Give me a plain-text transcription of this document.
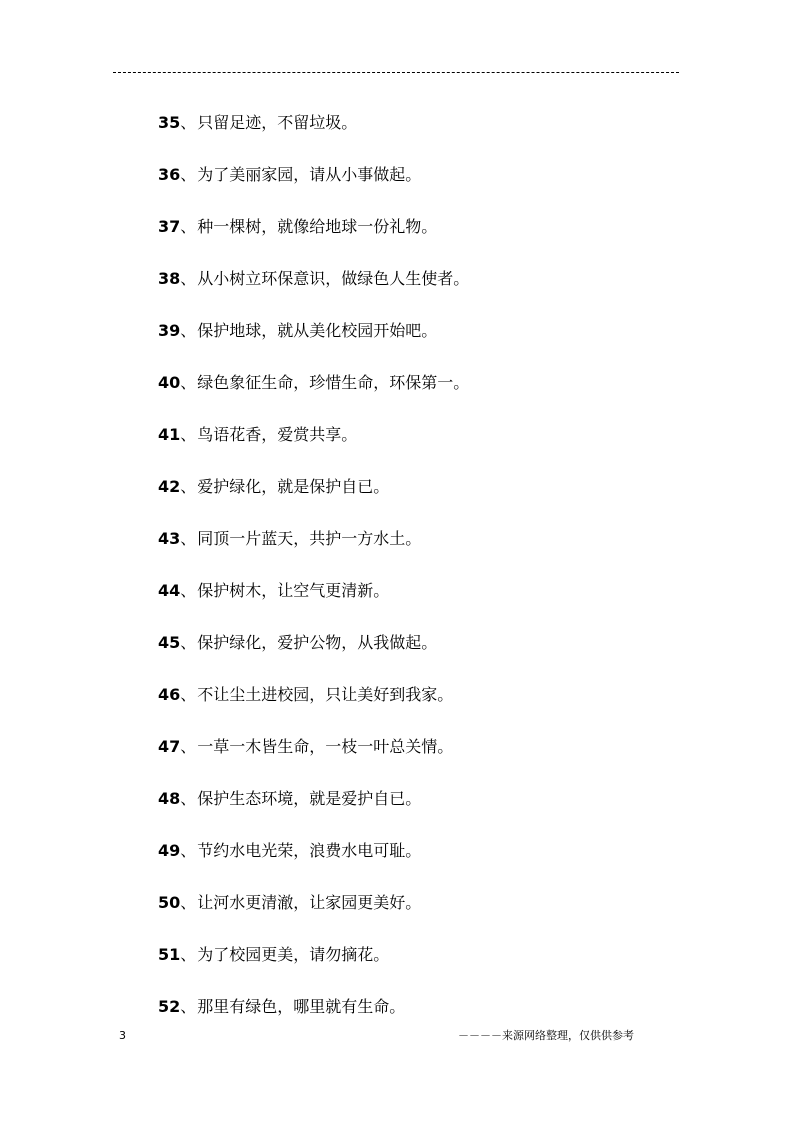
35、只留足迹，不留垃圾。
36、为了美丽家园，请从小事做起。
37、种一棵树，就像给地球一份礼物。
38、从小树立环保意识，做绿色人生使者。
39、保护地球，就从美化校园开始吧。
40、绿色象征生命，珍惜生命，环保第一。
41、鸟语花香，爱赏共享。
42、爱护绿化，就是保护自已。
43、同顶一片蓝天，共护一方水土。
44、保护树木，让空气更清新。
45、保护绿化，爱护公物，从我做起。
46、不让尘土进校园，只让美好到我家。
47、一草一木皆生命，一枝一叶总关情。
48、保护生态环境，就是爱护自已。
49、节约水电光荣，浪费水电可耻。
50、让河水更清澈，让家园更美好。
51、为了校园更美，请勿摘花。
52、那里有绿色，哪里就有生命。
3	－－－－来源网络整理，仅供供参考
